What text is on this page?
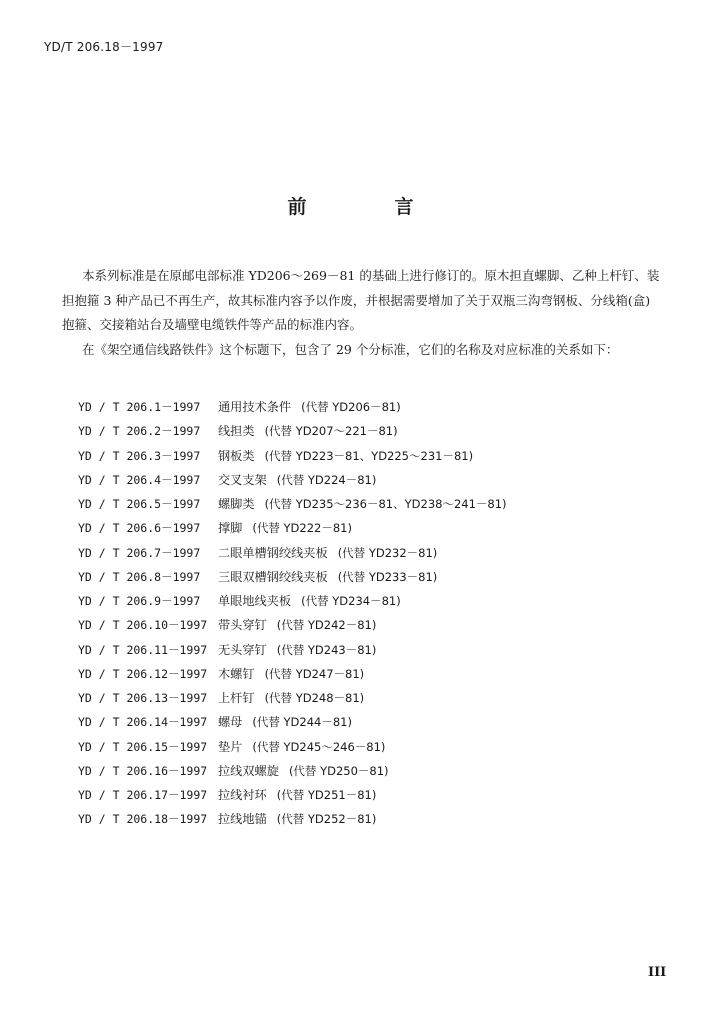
YD/T 206.18－1997
前言

本系列标准是在原邮电部标准 YD206～269－81 的基础上进行修订的。原木担直螺脚、乙种上杆钉、装担抱箍 3 种产品已不再生产，故其标准内容予以作废，并根据需要增加了关于双瓶三沟弯钢板、分线箱(盒)抱箍、交接箱站台及墙壁电缆铁件等产品的标准内容。

在《架空通信线路铁件》这个标题下，包含了 29 个分标准，它们的名称及对应标准的关系如下：

YD / T 206.1－1997 通用技术条件 (代替 YD206－81)
YD / T 206.2－1997 线担类 (代替 YD207～221－81)
YD / T 206.3－1997 钢板类 (代替 YD223－81、YD225～231－81)
YD / T 206.4－1997 交叉支架 (代替 YD224－81)
YD / T 206.5－1997 螺脚类 (代替 YD235～236－81、YD238～241－81)
YD / T 206.6－1997 撑脚 (代替 YD222－81)
YD / T 206.7－1997 二眼单槽钢绞线夹板 (代替 YD232－81)
YD / T 206.8－1997 三眼双槽钢绞线夹板 (代替 YD233－81)
YD / T 206.9－1997 单眼地线夹板 (代替 YD234－81)
YD / T 206.10－1997 带头穿钉 (代替 YD242－81)
YD / T 206.11－1997 无头穿钉 (代替 YD243－81)
YD / T 206.12－1997 木螺钉 (代替 YD247－81)
YD / T 206.13－1997 上杆钉 (代替 YD248－81)
YD / T 206.14－1997 螺母 (代替 YD244－81)
YD / T 206.15－1997 垫片 (代替 YD245～246－81)
YD / T 206.16－1997 拉线双螺旋 (代替 YD250－81)
YD / T 206.17－1997 拉线衬环 (代替 YD251－81)
YD / T 206.18－1997 拉线地锚 (代替 YD252－81)
III
